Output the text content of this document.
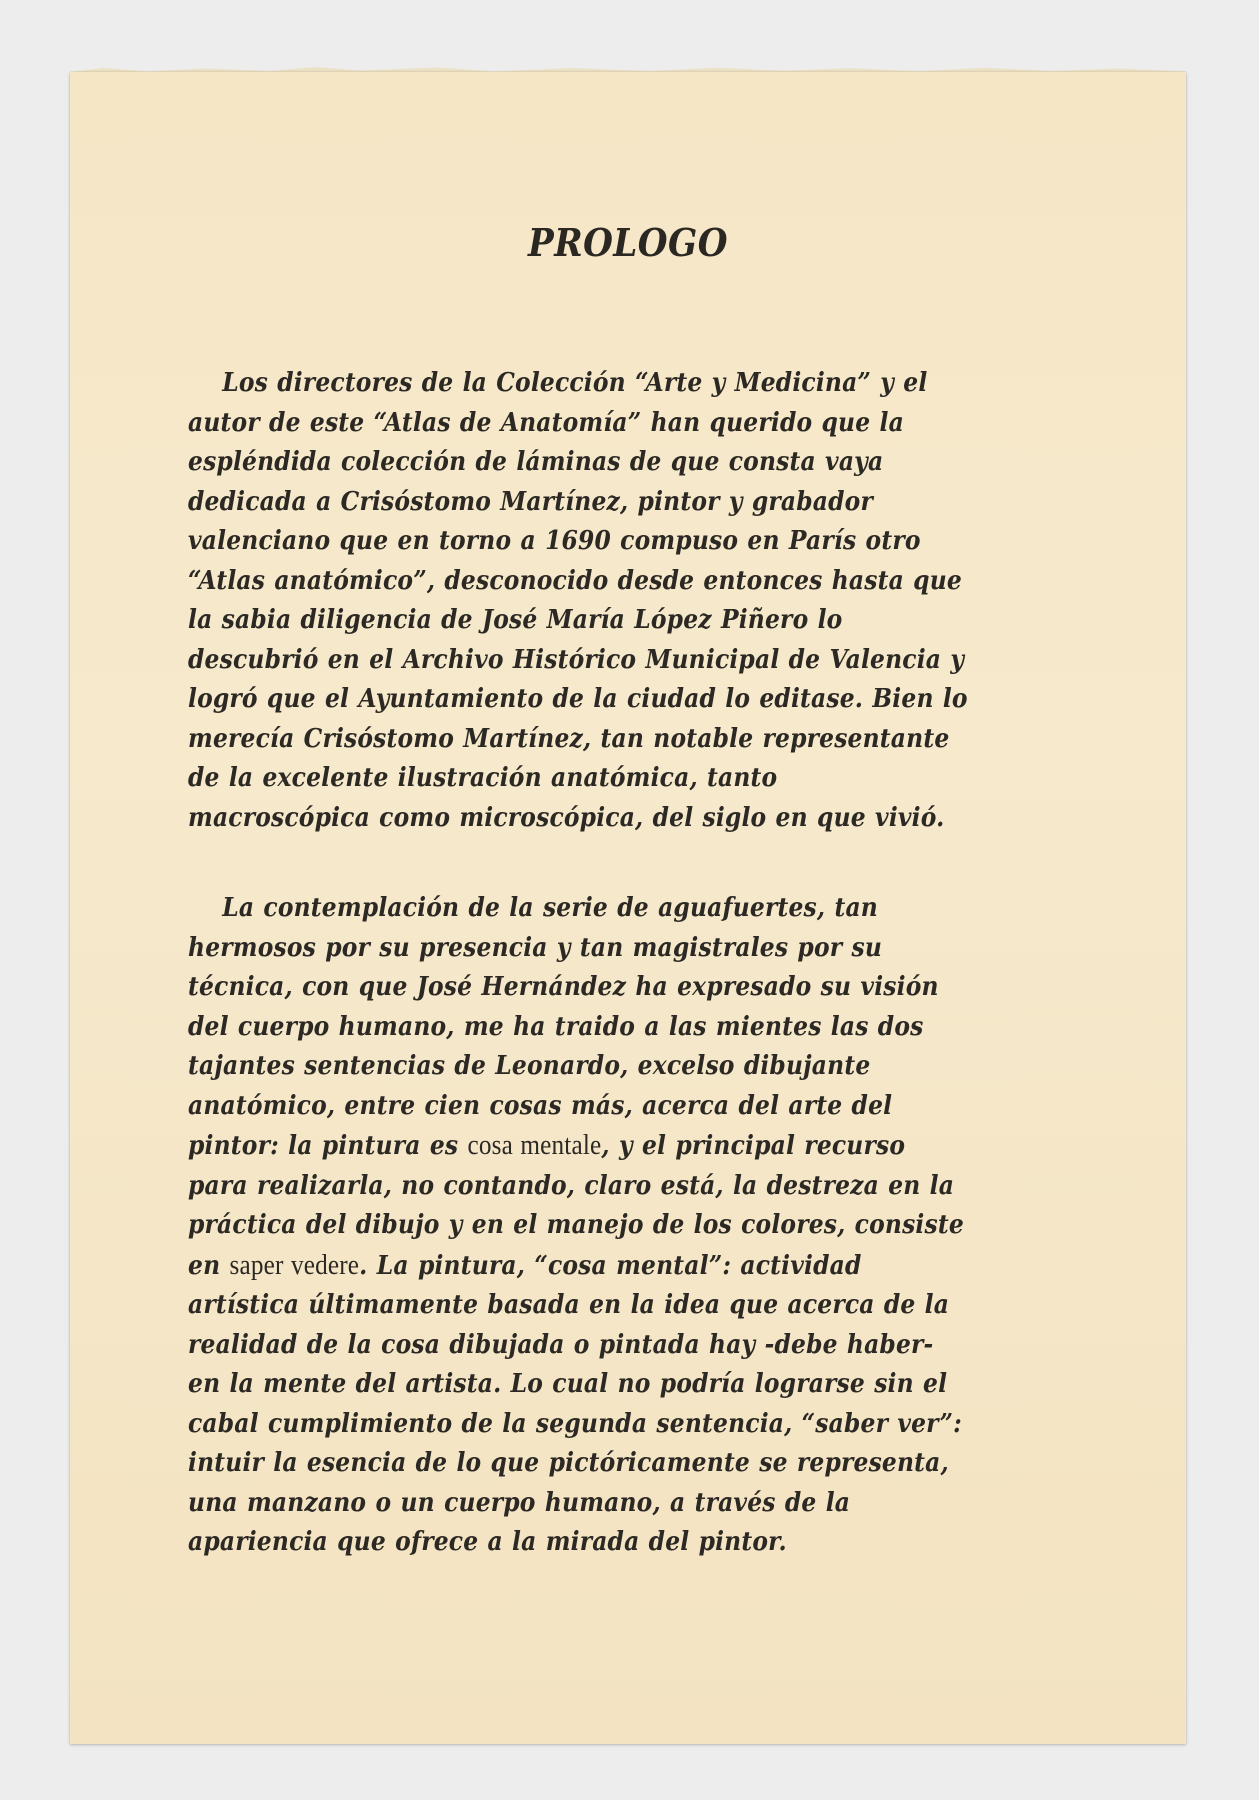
PROLOGO

Los directores de la Colección “Arte y Medicina” y el
autor de este “Atlas de Anatomía” han querido que la
espléndida colección de láminas de que consta vaya
dedicada a Crisóstomo Martínez, pintor y grabador
valenciano que en torno a 1690 compuso en París otro
“Atlas anatómico”, desconocido desde entonces hasta que
la sabia diligencia de José María López Piñero lo
descubrió en el Archivo Histórico Municipal de Valencia y
logró que el Ayuntamiento de la ciudad lo editase. Bien lo
merecía Crisóstomo Martínez, tan notable representante
de la excelente ilustración anatómica, tanto
macroscópica como microscópica, del siglo en que vivió.

La contemplación de la serie de aguafuertes, tan
hermosos por su presencia y tan magistrales por su
técnica, con que José Hernández ha expresado su visión
del cuerpo humano, me ha traido a las mientes las dos
tajantes sentencias de Leonardo, excelso dibujante
anatómico, entre cien cosas más, acerca del arte del
pintor: la pintura es cosa mentale, y el principal recurso
para realizarla, no contando, claro está, la destreza en la
práctica del dibujo y en el manejo de los colores, consiste
en saper vedere. La pintura, “cosa mental”: actividad
artística últimamente basada en la idea que acerca de la
realidad de la cosa dibujada o pintada hay -debe haber-
en la mente del artista. Lo cual no podría lograrse sin el
cabal cumplimiento de la segunda sentencia, “saber ver”:
intuir la esencia de lo que pictóricamente se representa,
una manzano o un cuerpo humano, a través de la
apariencia que ofrece a la mirada del pintor.
